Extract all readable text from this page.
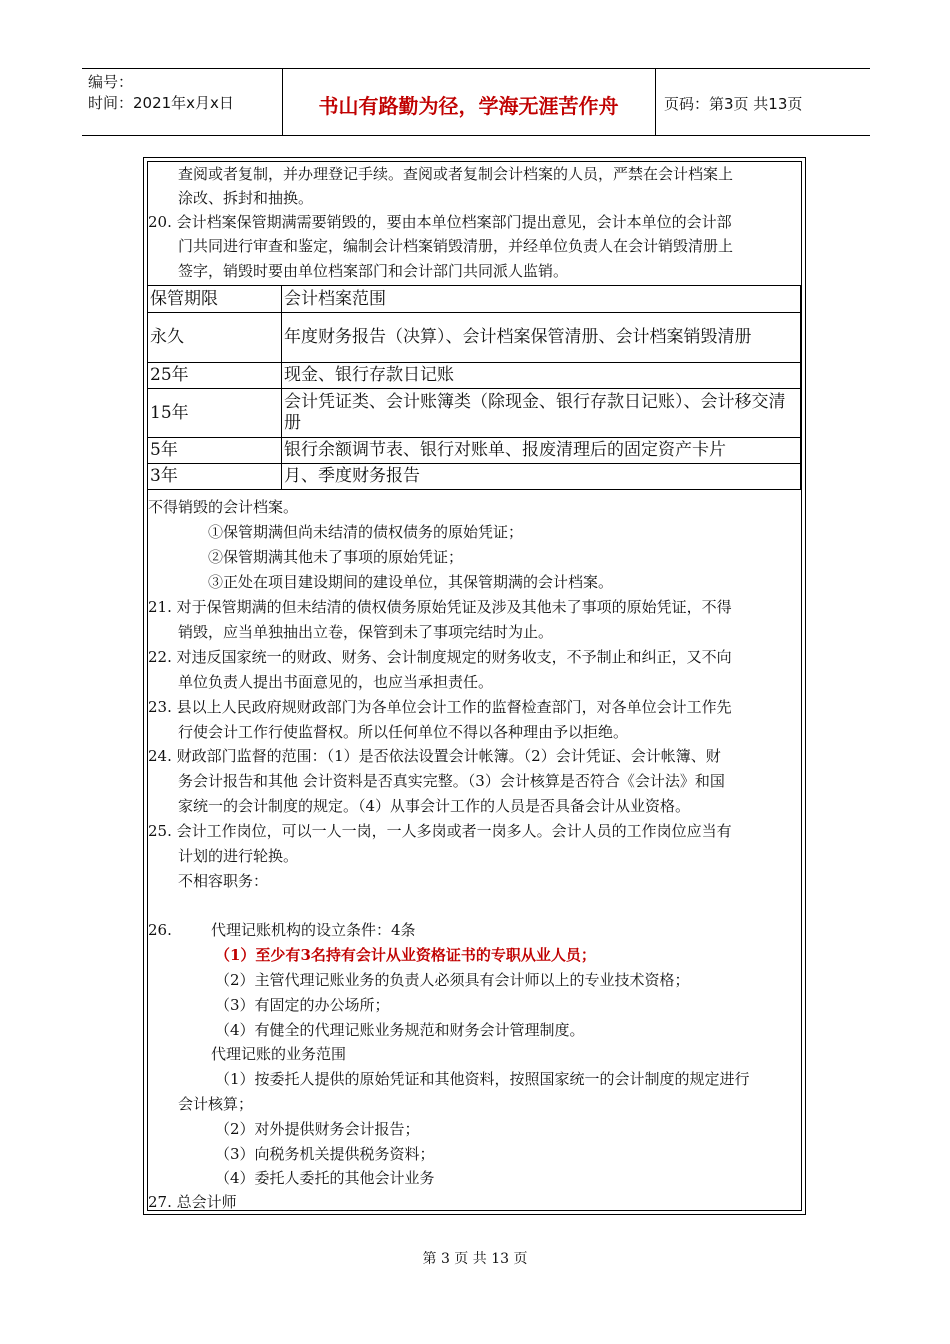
编号：
时间：2021年x月x日	书山有路勤为径，学海无涯苦作舟	页码：第3页 共13页
查阅或者复制，并办理登记手续。查阅或者复制会计档案的人员，严禁在会计档案上
涂改、拆封和抽换。
20. 会计档案保管期满需要销毁的，要由本单位档案部门提出意见，会计本单位的会计部
门共同进行审查和鉴定，编制会计档案销毁清册，并经单位负责人在会计销毁清册上
签字，销毁时要由单位档案部门和会计部门共同派人监销。
保管期限	会计档案范围
永久	年度财务报告（决算）、会计档案保管清册、会计档案销毁清册
25年	现金、银行存款日记账
15年	会计凭证类、会计账簿类（除现金、银行存款日记账）、会计移交清册
5年	银行余额调节表、银行对账单、报废清理后的固定资产卡片
3年	月、季度财务报告
不得销毁的会计档案。
①保管期满但尚未结清的债权债务的原始凭证；
②保管期满其他未了事项的原始凭证；
③正处在项目建设期间的建设单位，其保管期满的会计档案。
21. 对于保管期满的但未结清的债权债务原始凭证及涉及其他未了事项的原始凭证，不得
销毁，应当单独抽出立卷，保管到未了事项完结时为止。
22. 对违反国家统一的财政、财务、会计制度规定的财务收支，不予制止和纠正，又不向
单位负责人提出书面意见的，也应当承担责任。
23. 县以上人民政府规财政部门为各单位会计工作的监督检查部门，对各单位会计工作先
行使会计工作行使监督权。所以任何单位不得以各种理由予以拒绝。
24. 财政部门监督的范围：（1）是否依法设置会计帐簿。（2）会计凭证、会计帐簿、财
务会计报告和其他 会计资料是否真实完整。（3）会计核算是否符合《会计法》和国
家统一的会计制度的规定。（4）从事会计工作的人员是否具备会计从业资格。
25. 会计工作岗位，可以一人一岗，一人多岗或者一岗多人。会计人员的工作岗位应当有
计划的进行轮换。
不相容职务：
26.	代理记账机构的设立条件：4条
（1）至少有3名持有会计从业资格证书的专职从业人员；
（2）主管代理记账业务的负责人必须具有会计师以上的专业技术资格；
（3）有固定的办公场所；
（4）有健全的代理记账业务规范和财务会计管理制度。
代理记账的业务范围
（1）按委托人提供的原始凭证和其他资料，按照国家统一的会计制度的规定进行
会计核算；
（2）对外提供财务会计报告；
（3）向税务机关提供税务资料；
（4）委托人委托的其他会计业务
27. 总会计师
第 3 页 共 13 页
